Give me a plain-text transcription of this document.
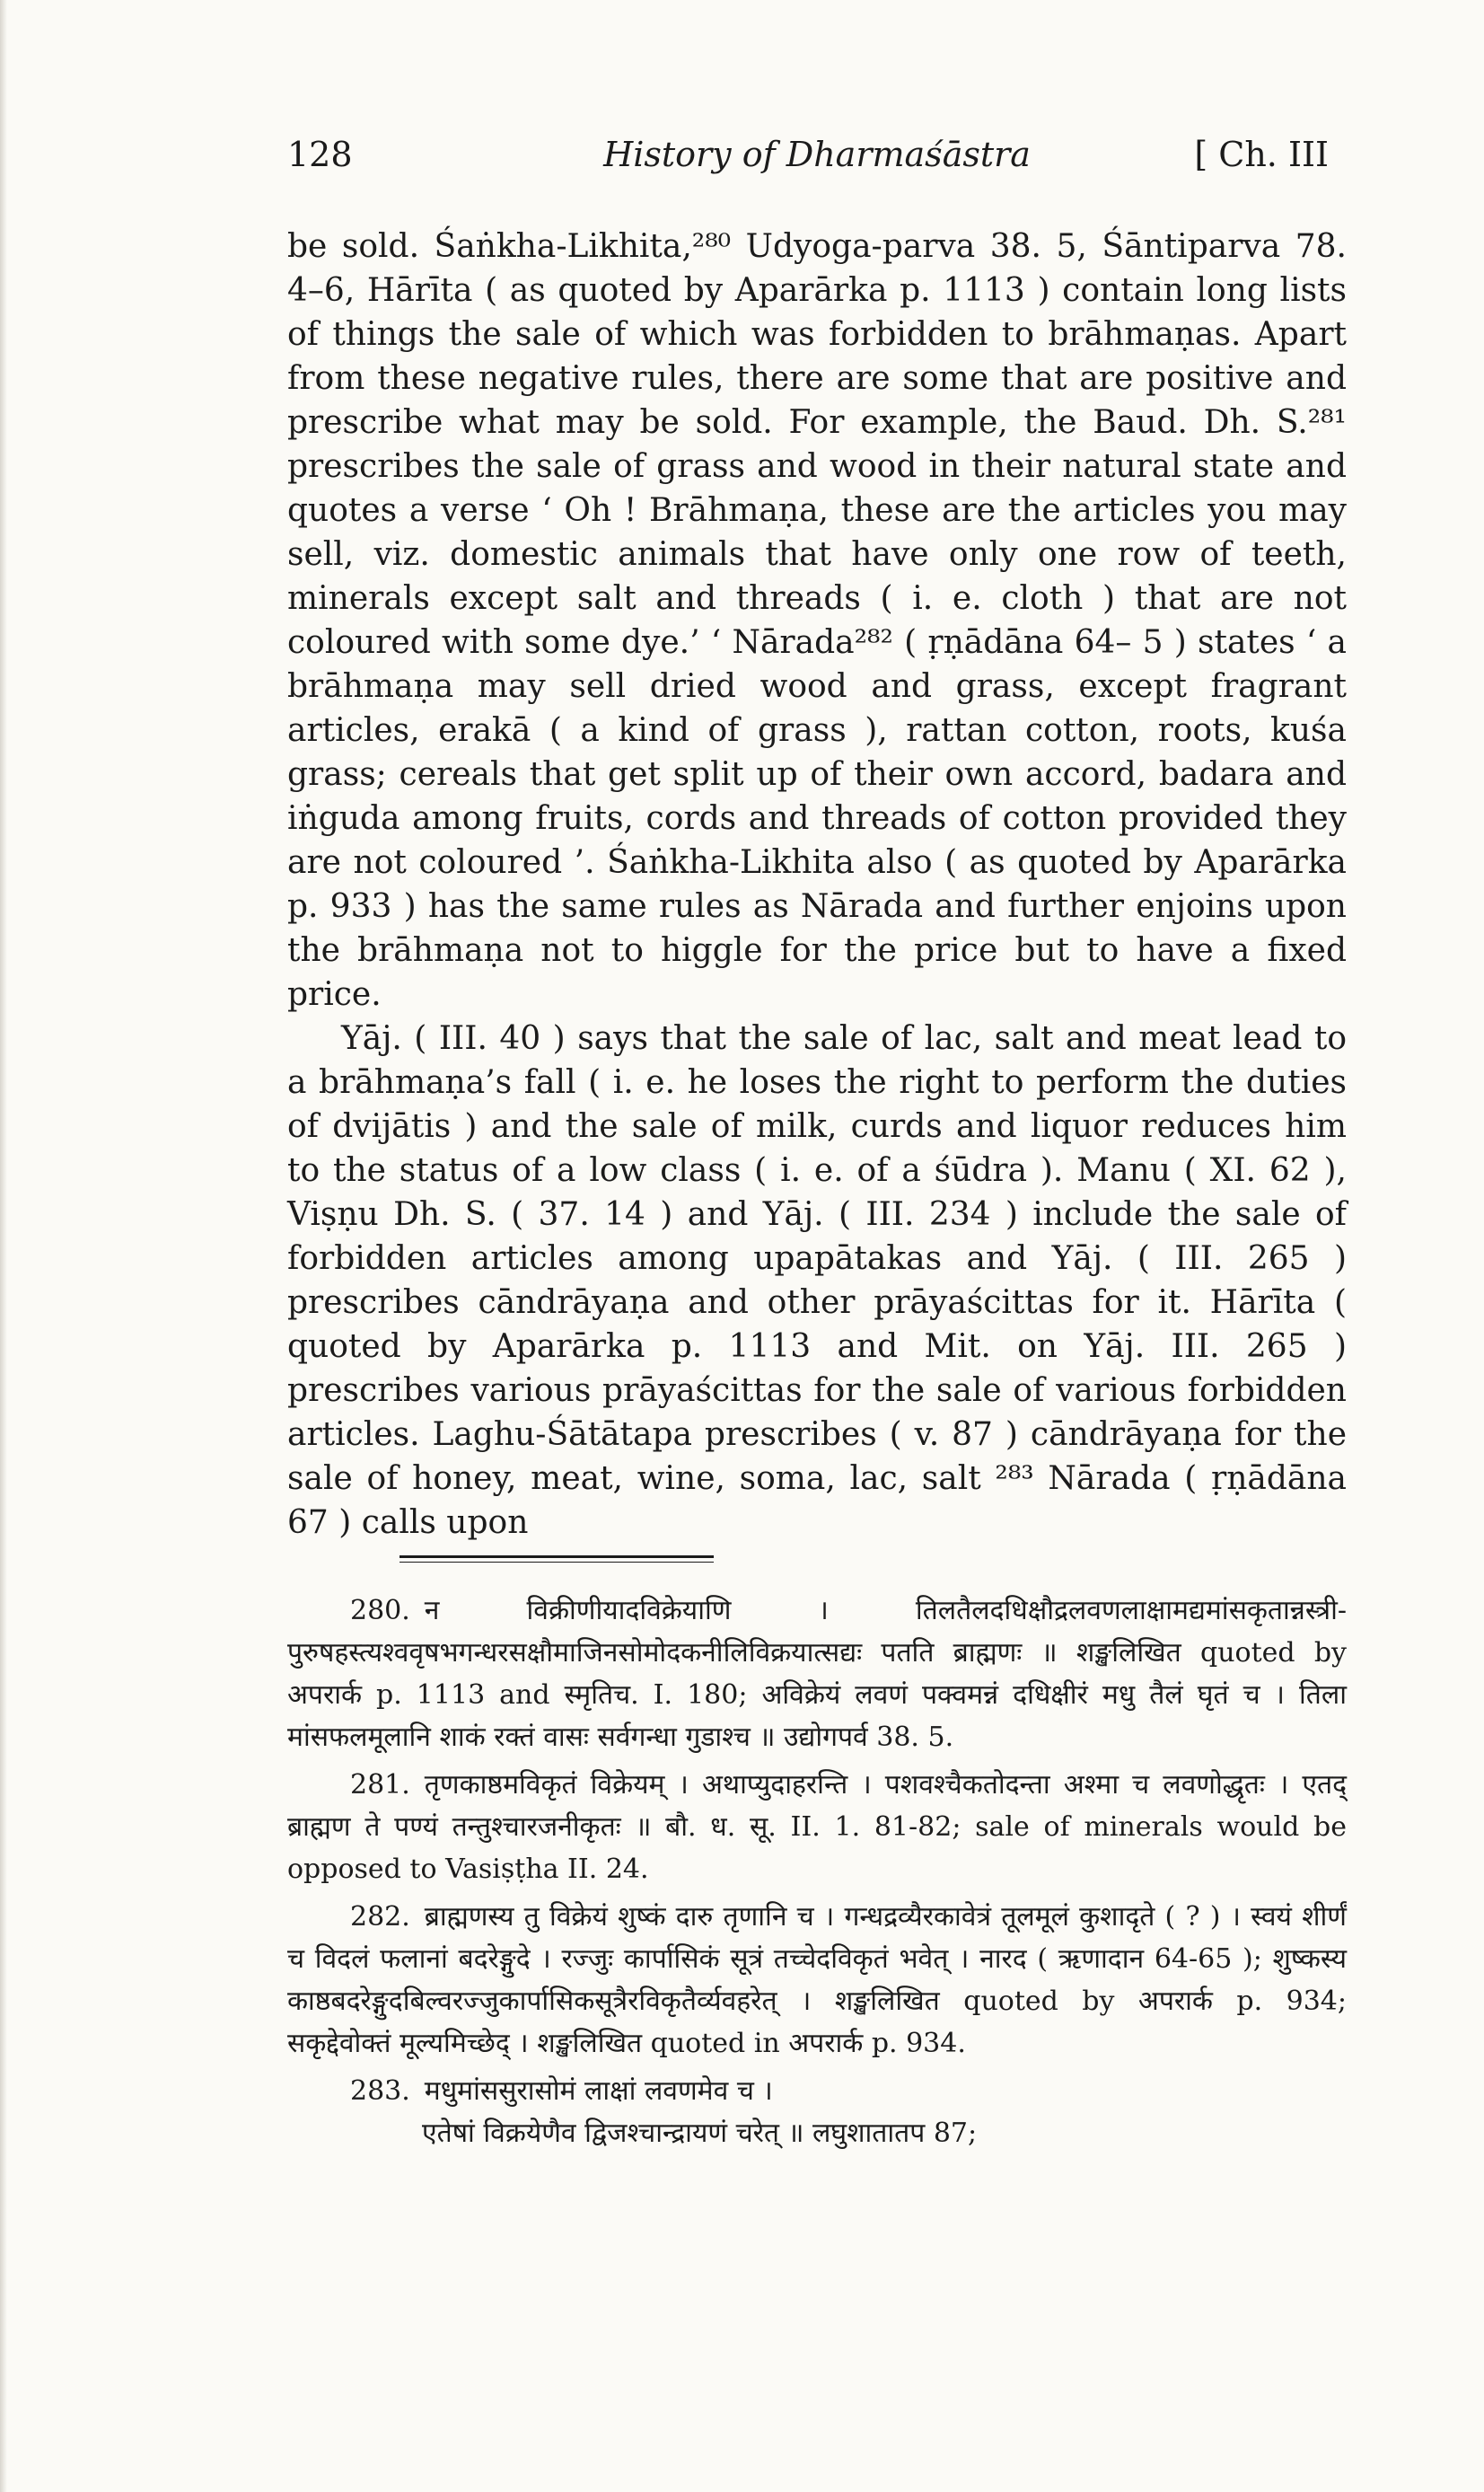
128	History of Dharmaśāstra	[ Ch. III

be sold. Śaṅkha-Likhita,²⁸⁰ Udyoga-parva 38. 5, Śāntiparva 78. 4–6, Hārīta ( as quoted by Aparārka p. 1113 ) contain long lists of things the sale of which was forbidden to brāhmaṇas. Apart from these negative rules, there are some that are positive and prescribe what may be sold. For example, the Baud. Dh. S.²⁸¹ prescribes the sale of grass and wood in their natural state and quotes a verse ‘ Oh ! Brāhmaṇa, these are the articles you may sell, viz. domestic animals that have only one row of teeth, minerals except salt and threads ( i. e. cloth ) that are not coloured with some dye.’ ‘ Nārada²⁸² ( ṛṇādāna 64– 5 ) states ‘ a brāhmaṇa may sell dried wood and grass, except fragrant articles, erakā ( a kind of grass ), rattan cotton, roots, kuśa grass; cereals that get split up of their own accord, badara and iṅguda among fruits, cords and threads of cotton provided they are not coloured ’. Śaṅkha-Likhita also ( as quoted by Aparārka p. 933 ) has the same rules as Nārada and further enjoins upon the brāhmaṇa not to higgle for the price but to have a fixed price.

Yāj. ( III. 40 ) says that the sale of lac, salt and meat lead to a brāhmaṇa’s fall ( i. e. he loses the right to perform the duties of dvijātis ) and the sale of milk, curds and liquor reduces him to the status of a low class ( i. e. of a śūdra ). Manu ( XI. 62 ), Viṣṇu Dh. S. ( 37. 14 ) and Yāj. ( III. 234 ) include the sale of forbidden articles among upapātakas and Yāj. ( III. 265 ) prescribes cāndrāyaṇa and other prāyaścittas for it. Hārīta ( quoted by Aparārka p. 1113 and Mit. on Yāj. III. 265 ) prescribes various prāyaścittas for the sale of various forbidden articles. Laghu-Śātātapa prescribes ( v. 87 ) cāndrāyaṇa for the sale of honey, meat, wine, soma, lac, salt ²⁸³ Nārada ( ṛṇādāna 67 ) calls upon

280. न विक्रीणीयादविक्रेयाणि । तिलतैलदधिक्षौद्रलवणलाक्षामद्यमांसकृतान्नस्त्री-पुरुषहस्त्यश्ववृषभगन्धरसक्षौमाजिनसोमोदकनीलिविक्रयात्सद्यः पतति ब्राह्मणः ॥ शङ्खलिखित quoted by अपरार्क p. 1113 and स्मृतिच. I. 180; अविक्रेयं लवणं पक्वमन्नं दधिक्षीरं मधु तैलं घृतं च । तिला मांसफलमूलानि शाकं रक्तं वासः सर्वगन्धा गुडाश्च ॥ उद्योगपर्व 38. 5.
281. तृणकाष्ठमविकृतं विक्रेयम् । अथाप्युदाहरन्ति । पशवश्चैकतोदन्ता अश्मा च लवणोद्धृतः । एतद् ब्राह्मण ते पण्यं तन्तुश्चारजनीकृतः ॥ बौ. ध. सू. II. 1. 81-82; sale of minerals would be opposed to Vasiṣṭha II. 24.
282. ब्राह्मणस्य तु विक्रेयं शुष्कं दारु तृणानि च । गन्धद्रव्यैरकावेत्रं तूलमूलं कुशादृते ( ? ) । स्वयं शीर्णं च विदलं फलानां बदरेङ्गुदे । रज्जुः कार्पासिकं सूत्रं तच्चेदविकृतं भवेत् । नारद ( ऋणादान 64-65 ); शुष्कस्य काष्ठबदरेङ्गुदबिल्वरज्जुकार्पासिकसूत्रैरविकृतैर्व्यवहरेत् । शङ्खलिखित quoted by अपरार्क p. 934; सकृद्देवोक्तं मूल्यमिच्छेद् । शङ्खलिखित quoted in अपरार्क p. 934.
283. मधुमांससुरासोमं लाक्षां लवणमेव च ।
एतेषां विक्रयेणैव द्विजश्चान्द्रायणं चरेत् ॥ लघुशातातप 87;
